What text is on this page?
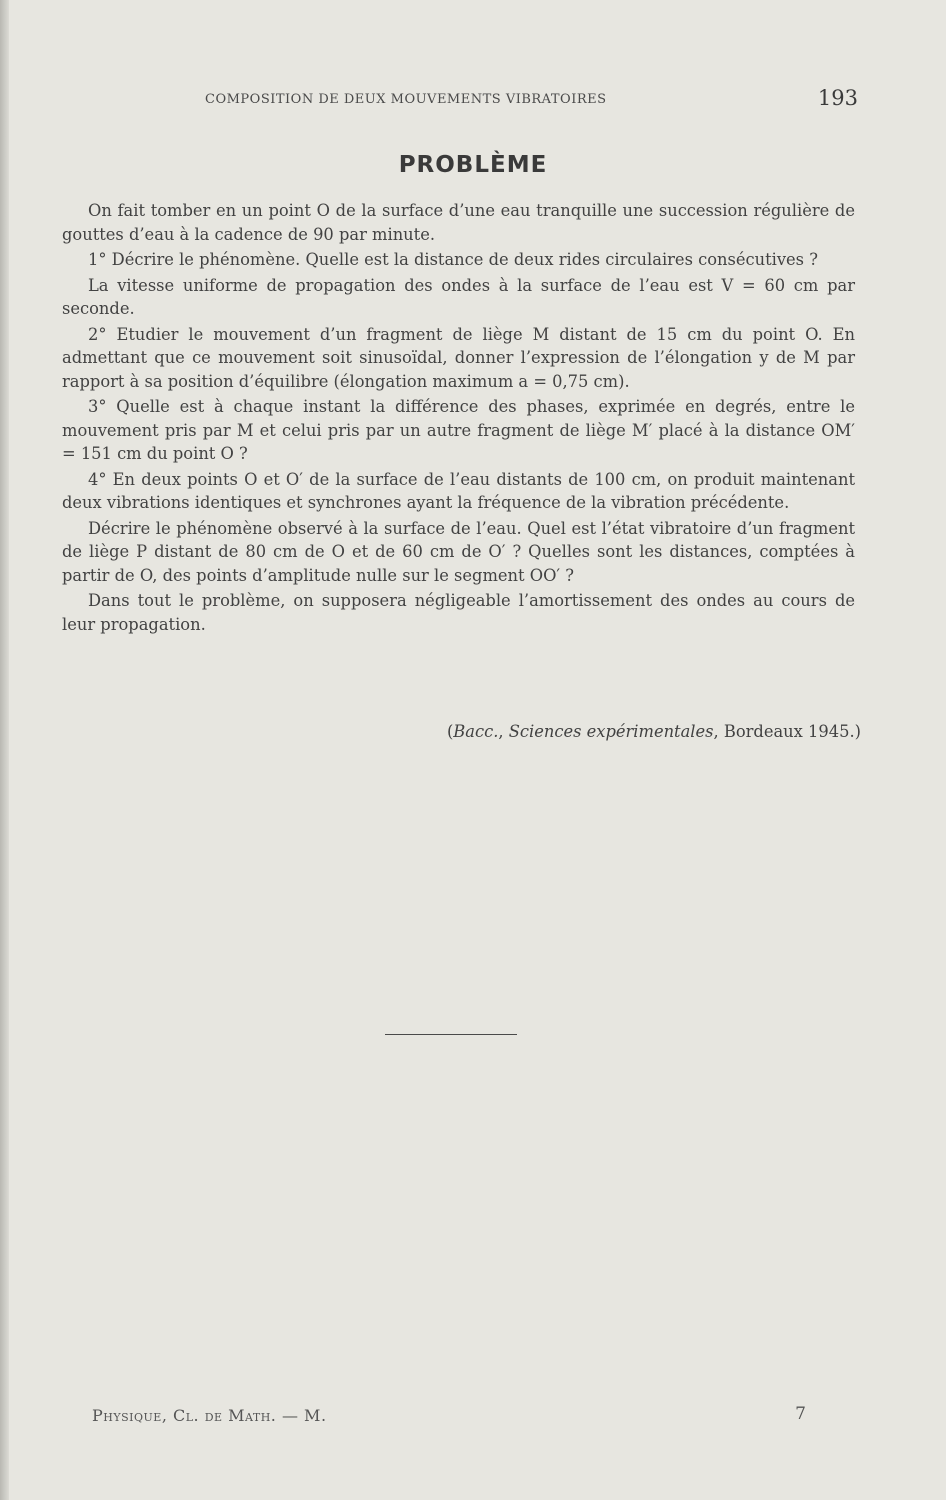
COMPOSITION DE DEUX MOUVEMENTS VIBRATOIRES	193
PROBLÈME

On fait tomber en un point O de la surface d’une eau tranquille une succession régulière de gouttes d’eau à la cadence de 90 par minute.

1° Décrire le phénomène. Quelle est la distance de deux rides circulaires consécutives ?

La vitesse uniforme de propagation des ondes à la surface de l’eau est V = 60 cm par seconde.

2° Etudier le mouvement d’un fragment de liège M distant de 15 cm du point O. En admettant que ce mouvement soit sinusoïdal, donner l’expression de l’élongation y de M par rapport à sa position d’équilibre (élongation maximum a = 0,75 cm).

3° Quelle est à chaque instant la différence des phases, exprimée en degrés, entre le mouvement pris par M et celui pris par un autre fragment de liège M′ placé à la distance OM′ = 151 cm du point O ?

4° En deux points O et O′ de la surface de l’eau distants de 100 cm, on produit maintenant deux vibrations identiques et synchrones ayant la fréquence de la vibration précédente.

Décrire le phénomène observé à la surface de l’eau. Quel est l’état vibratoire d’un fragment de liège P distant de 80 cm de O et de 60 cm de O′ ? Quelles sont les distances, comptées à partir de O, des points d’amplitude nulle sur le segment OO′ ?

Dans tout le problème, on supposera négligeable l’amortissement des ondes au cours de leur propagation.

(Bacc., Sciences expérimentales, Bordeaux 1945.)
Physique, Cl. de Math. — M.	7
